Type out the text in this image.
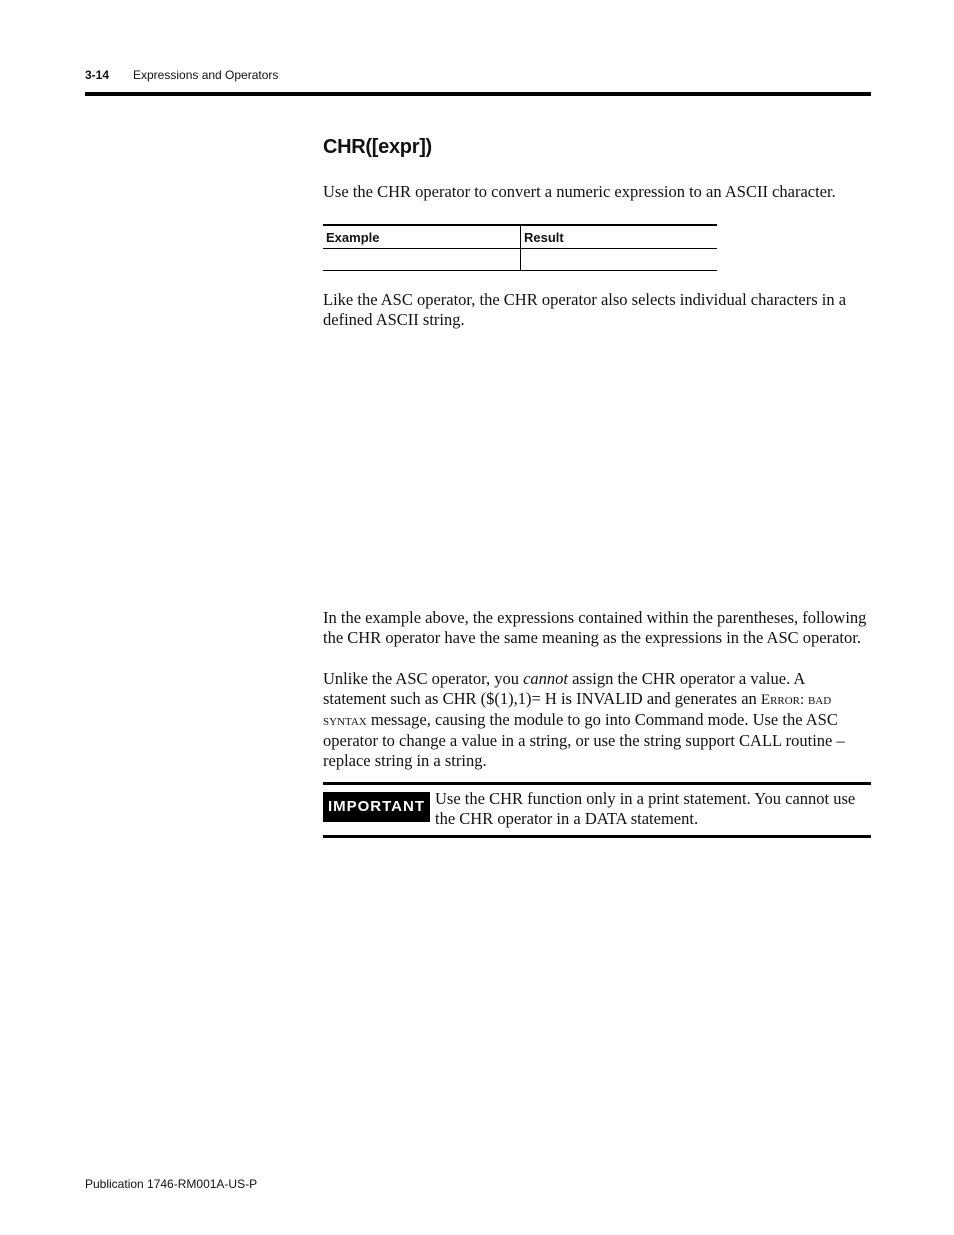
3-14 Expressions and Operators
CHR([expr])
Use the CHR operator to convert a numeric expression to an ASCII character.
Example	Result

Like the ASC operator, the CHR operator also selects individual characters in a defined ASCII string.
In the example above, the expressions contained within the parentheses, following the CHR operator have the same meaning as the expressions in the ASC operator.
Unlike the ASC operator, you cannot assign the CHR operator a value. A statement such as CHR ($(1),1)= H is INVALID and generates an Error: bad syntax message, causing the module to go into Command mode. Use the ASC operator to change a value in a string, or use the string support CALL routine – replace string in a string.
IMPORTANT Use the CHR function only in a print statement. You cannot use the CHR operator in a DATA statement.
Publication 1746-RM001A-US-P
